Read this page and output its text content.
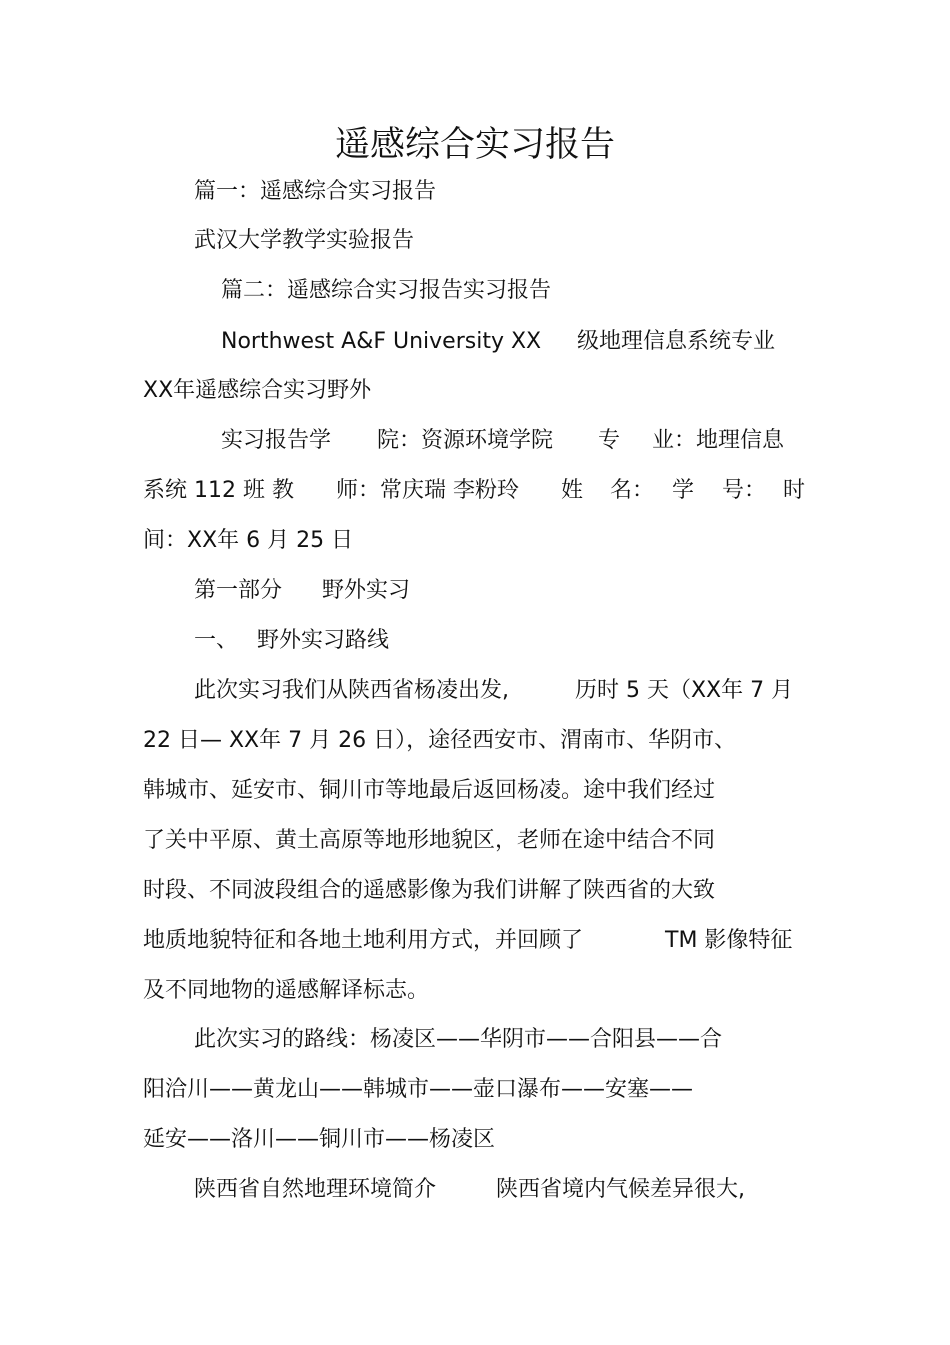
遥感综合实习报告
篇一：遥感综合实习报告
武汉大学教学实验报告
篇二：遥感综合实习报告实习报告
Northwest A&F University XX 级地理信息系统专业
XX年遥感综合实习野外
实习报告学 院：资源环境学院 专 业：地理信息
系统 112 班 教 师：常庆瑞 李粉玲 姓 名： 学 号： 时
间：XX年 6 月 25 日
第一部分 野外实习
一、 野外实习路线
此次实习我们从陕西省杨凌出发,	历时 5 天（XX年 7 月
22 日— XX年 7 月 26 日），途径西安市、渭南市、华阴市、
韩城市、延安市、铜川市等地最后返回杨凌。途中我们经过
了关中平原、黄土高原等地形地貌区，老师在途中结合不同
时段、不同波段组合的遥感影像为我们讲解了陕西省的大致
地质地貌特征和各地土地利用方式，并回顾了	TM 影像特征
及不同地物的遥感解译标志。
此次实习的路线：杨凌区——华阴市——合阳县——合
阳洽川——黄龙山——韩城市——壶口瀑布——安塞——
延安——洛川——铜川市——杨凌区
陕西省自然地理环境简介	陕西省境内气候差异很大,
